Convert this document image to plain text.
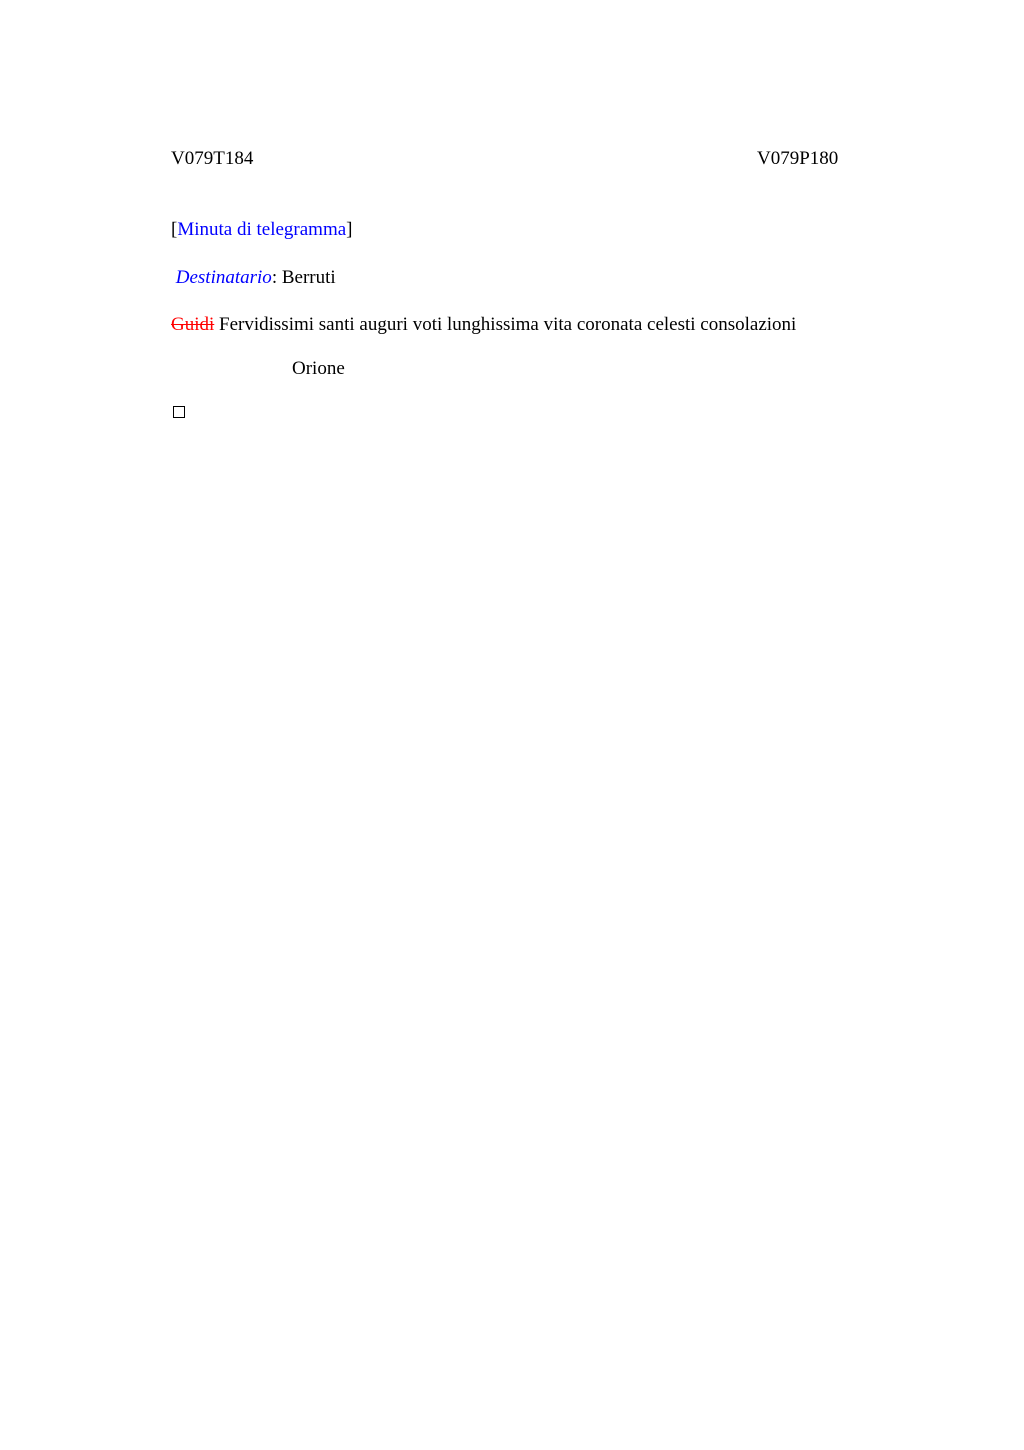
V079T184	V079P180
[Minuta di telegramma]
Destinatario: Berruti
Guidi Fervidissimi santi auguri voti lunghissima vita coronata celesti consolazioni
Orione
